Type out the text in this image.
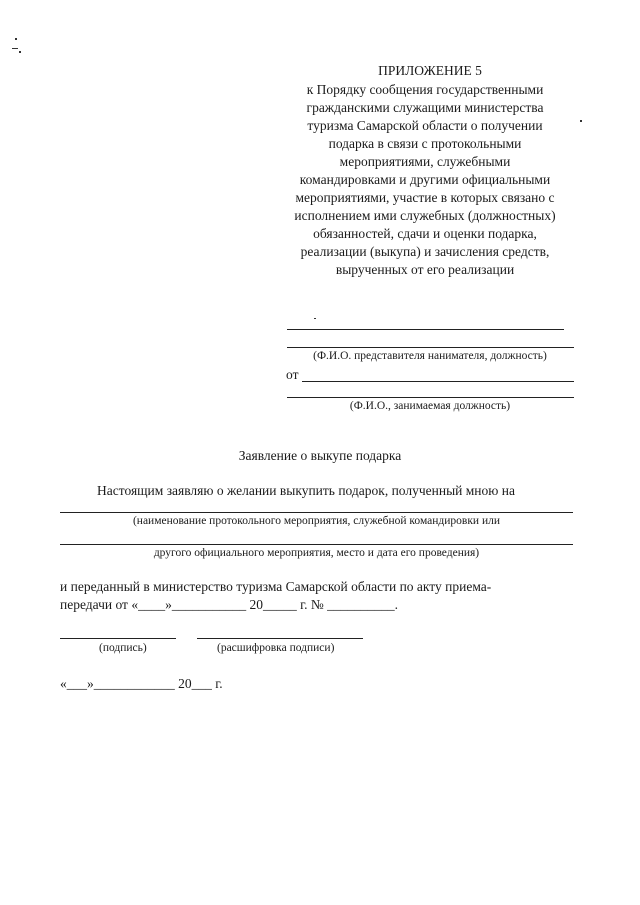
ПРИЛОЖЕНИЕ 5
к Порядку сообщения государственными
гражданскими служащими министерства
туризма Самарской области о получении
подарка в связи с протокольными
мероприятиями, служебными
командировками и другими официальными
мероприятиями, участие в которых связано с
исполнением ими служебных (должностных)
обязанностей, сдачи и оценки подарка,
реализации (выкупа) и зачисления средств,
вырученных от его реализации
(Ф.И.О. представителя нанимателя, должность)
от
(Ф.И.О., занимаемая должность)
Заявление о выкупе подарка
Настоящим заявляю о желании выкупить подарок, полученный мною на
(наименование протокольного мероприятия, служебной командировки или
другого официального мероприятия, место и дата его проведения)
и переданный в министерство туризма Самарской области по акту приема-
передачи от «____»___________ 20_____ г. № __________.
(подпись)	(расшифровка подписи)
«___»____________ 20___ г.
